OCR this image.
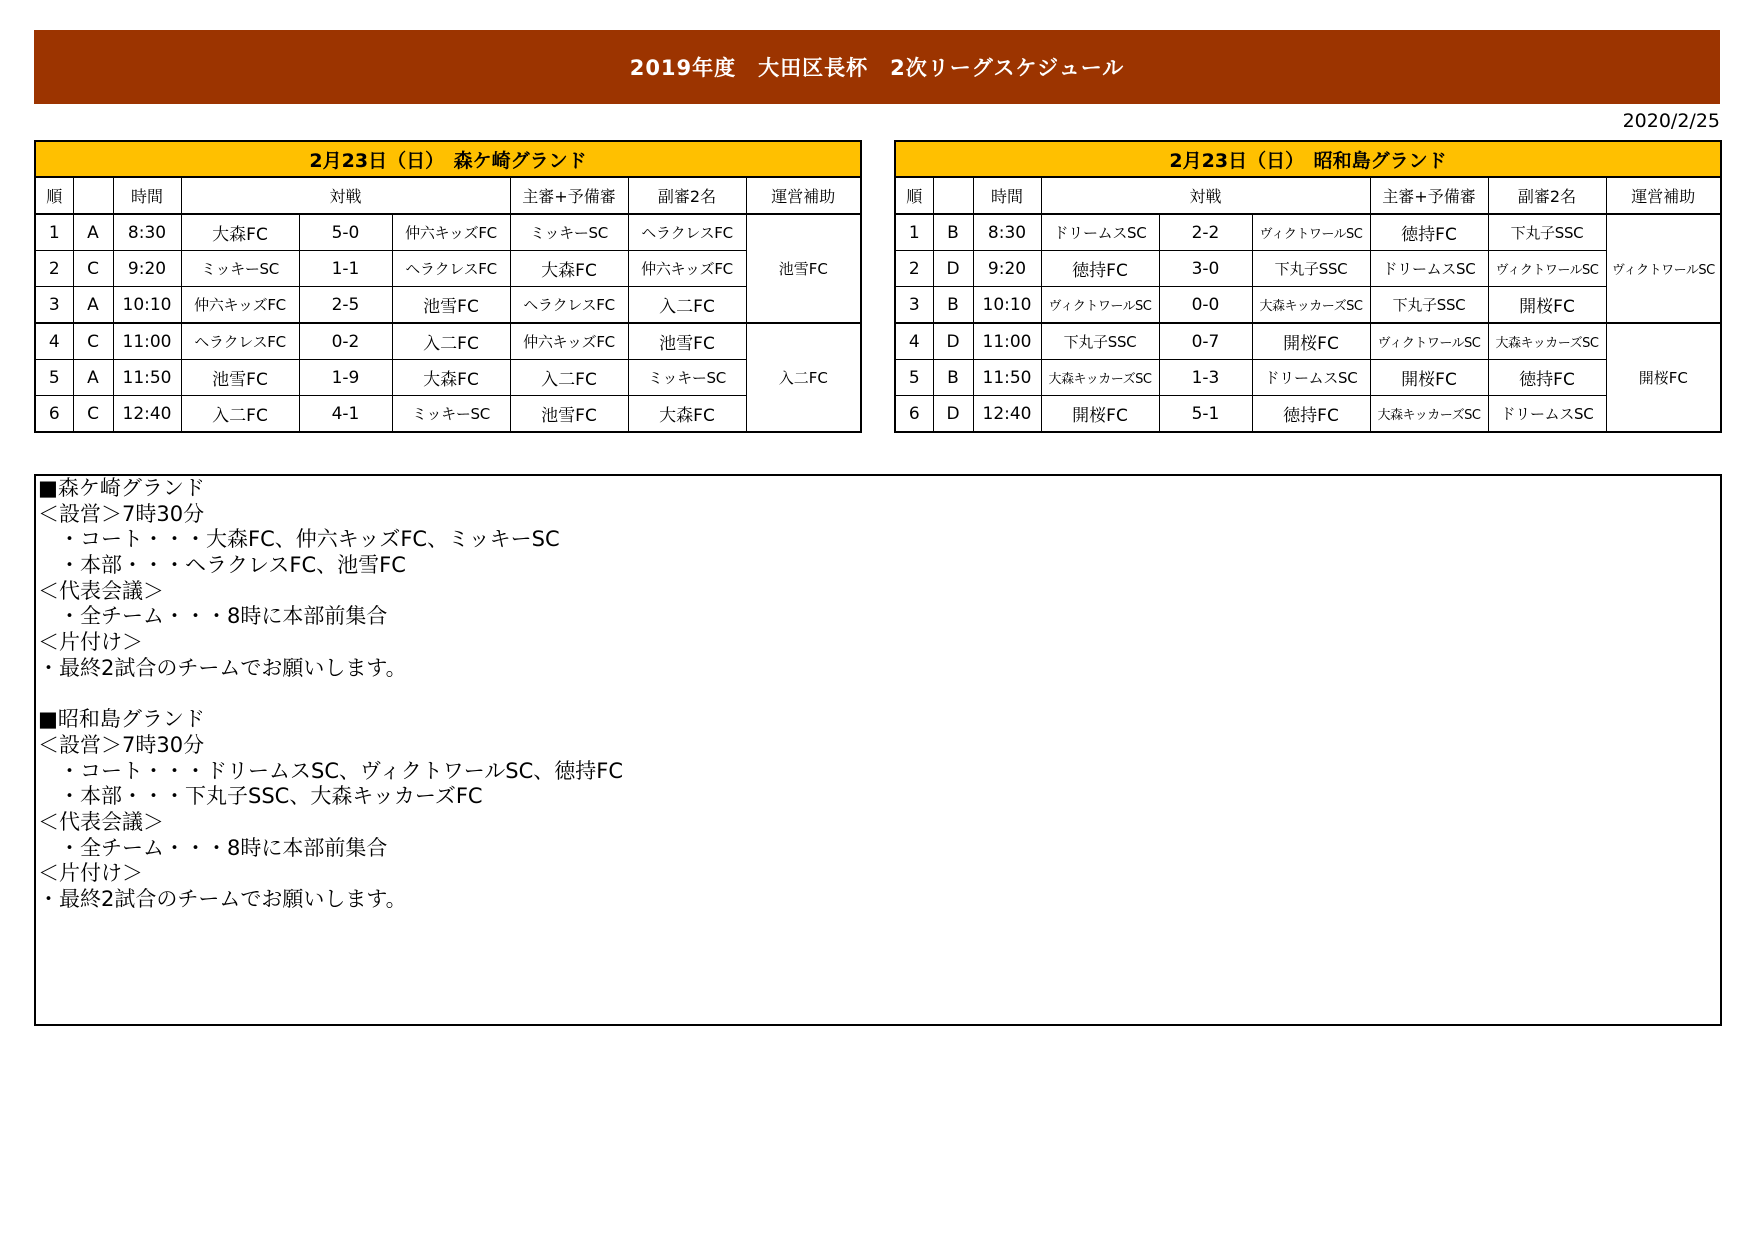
2019年度　大田区長杯　2次リーグスケジュール
2020/2/25
2月23日（日）　森ケ崎グランド								
順		時間	対戦			主審+予備審	副審2名	運営補助
1	A	8:30	大森FC	5-0	仲六キッズFC	ミッキーSC	ヘラクレスFC	池雪FC
2	C	9:20	ミッキーSC	1-1	ヘラクレスFC	大森FC	仲六キッズFC	
3	A	10:10	仲六キッズFC	2-5	池雪FC	ヘラクレスFC	入二FC	
4	C	11:00	ヘラクレスFC	0-2	入二FC	仲六キッズFC	池雪FC	入二FC
5	A	11:50	池雪FC	1-9	大森FC	入二FC	ミッキーSC	
6	C	12:40	入二FC	4-1	ミッキーSC	池雪FC	大森FC	
2月23日（日）　昭和島グランド								
順		時間	対戦			主審+予備審	副審2名	運営補助
1	B	8:30	ドリームスSC	2-2	ヴィクトワールSC	徳持FC	下丸子SSC	ヴィクトワールSC
2	D	9:20	徳持FC	3-0	下丸子SSC	ドリームスSC	ヴィクトワールSC	
3	B	10:10	ヴィクトワールSC	0-0	大森キッカーズSC	下丸子SSC	開桜FC	
4	D	11:00	下丸子SSC	0-7	開桜FC	ヴィクトワールSC	大森キッカーズSC	開桜FC
5	B	11:50	大森キッカーズSC	1-3	ドリームスSC	開桜FC	徳持FC	
6	D	12:40	開桜FC	5-1	徳持FC	大森キッカーズSC	ドリームスSC	
■森ケ崎グランド
＜設営＞7時30分
　・コート・・・大森FC、仲六キッズFC、ミッキーSC
　・本部・・・ヘラクレスFC、池雪FC
＜代表会議＞
　・全チーム・・・8時に本部前集合
＜片付け＞
・最終2試合のチームでお願いします。
■昭和島グランド
＜設営＞7時30分
　・コート・・・ドリームスSC、ヴィクトワールSC、徳持FC
　・本部・・・下丸子SSC、大森キッカーズFC
＜代表会議＞
　・全チーム・・・8時に本部前集合
＜片付け＞
・最終2試合のチームでお願いします。
